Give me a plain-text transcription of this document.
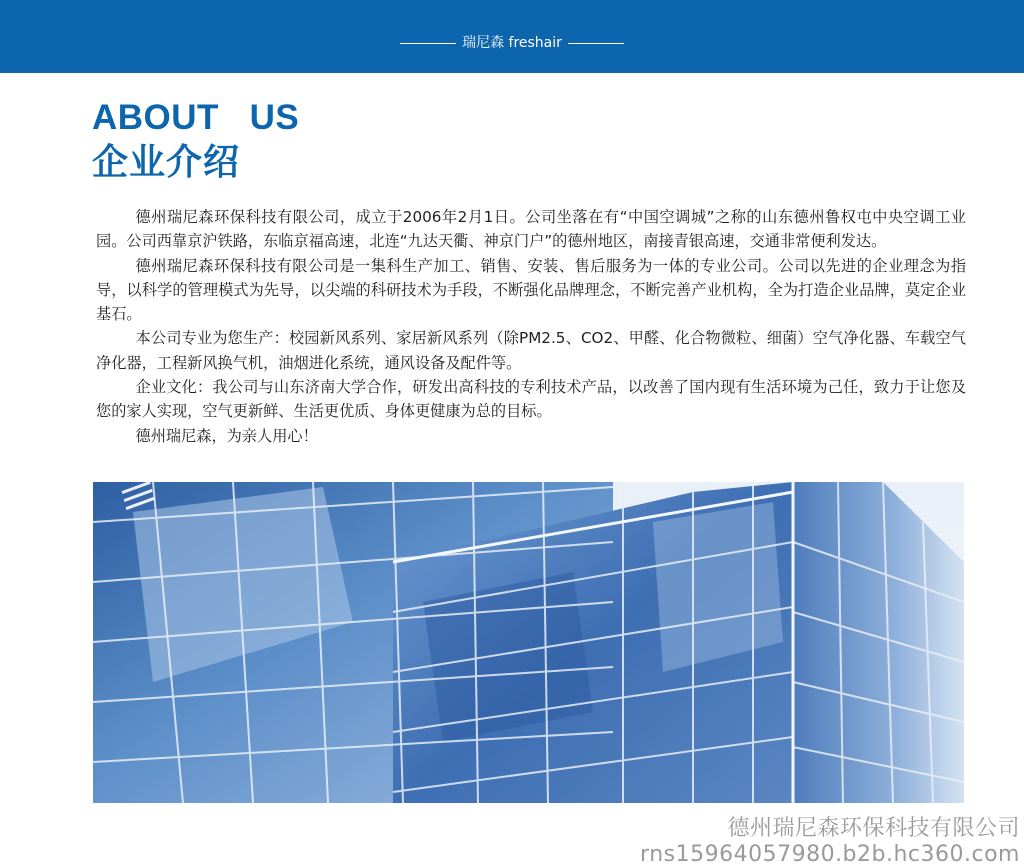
瑞尼森 freshair
ABOUT   US
企业介绍

德州瑞尼森环保科技有限公司，成立于2006年2月1日。公司坐落在有“中国空调城”之称的山东德州鲁权屯中央空调工业园。公司西靠京沪铁路，东临京福高速，北连“九达天衢、神京门户”的德州地区，南接青银高速，交通非常便利发达。

德州瑞尼森环保科技有限公司是一集科生产加工、销售、安装、售后服务为一体的专业公司。公司以先进的企业理念为指导，以科学的管理模式为先导，以尖端的科研技术为手段，不断强化品牌理念，不断完善产业机构，全为打造企业品牌，莫定企业基石。

本公司专业为您生产：校园新风系列、家居新风系列（除PM2.5、CO2、甲醛、化合物微粒、细菌）空气净化器、车载空气净化器，工程新风换气机，油烟进化系统，通风设备及配件等。

企业文化：我公司与山东济南大学合作，研发出高科技的专利技术产品，以改善了国内现有生活环境为己任，致力于让您及您的家人实现，空气更新鲜、生活更优质、身体更健康为总的目标。

德州瑞尼森，为亲人用心！

德州瑞尼森环保科技有限公司
rns15964057980.b2b.hc360.com
